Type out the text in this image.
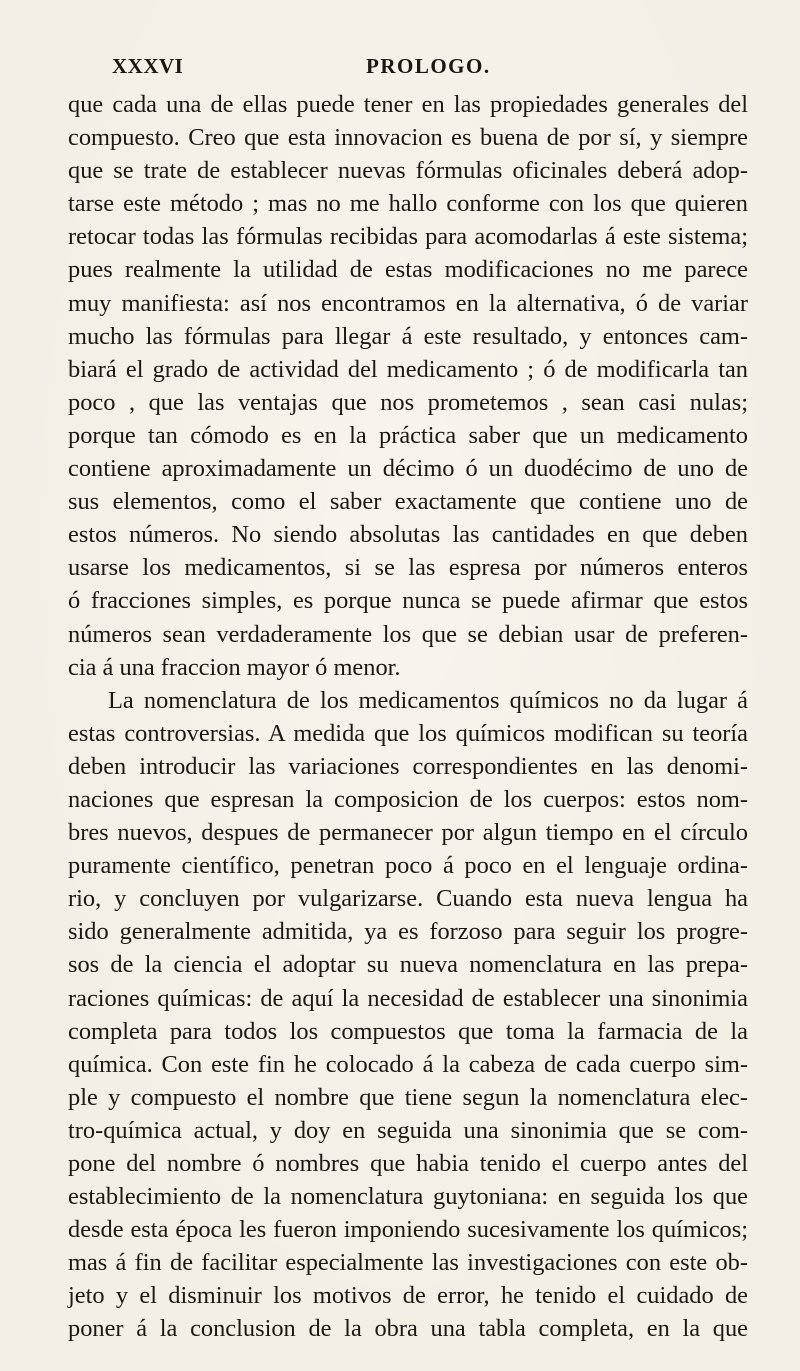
XXXVI	PROLOGO.
que cada una de ellas puede tener en las propiedades generales del
compuesto. Creo que esta innovacion es buena de por sí, y siempre
que se trate de establecer nuevas fórmulas oficinales deberá adop-
tarse este método ; mas no me hallo conforme con los que quieren
retocar todas las fórmulas recibidas para acomodarlas á este sistema;
pues realmente la utilidad de estas modificaciones no me parece
muy manifiesta: así nos encontramos en la alternativa, ó de variar
mucho las fórmulas para llegar á este resultado, y entonces cam-
biará el grado de actividad del medicamento ; ó de modificarla tan
poco , que las ventajas que nos prometemos , sean casi nulas;
porque tan cómodo es en la práctica saber que un medicamento
contiene aproximadamente un décimo ó un duodécimo de uno de
sus elementos, como el saber exactamente que contiene uno de
estos números. No siendo absolutas las cantidades en que deben
usarse los medicamentos, si se las espresa por números enteros
ó fracciones simples, es porque nunca se puede afirmar que estos
números sean verdaderamente los que se debian usar de preferen-
cia á una fraccion mayor ó menor.
La nomenclatura de los medicamentos químicos no da lugar á
estas controversias. A medida que los químicos modifican su teoría
deben introducir las variaciones correspondientes en las denomi-
naciones que espresan la composicion de los cuerpos: estos nom-
bres nuevos, despues de permanecer por algun tiempo en el círculo
puramente científico, penetran poco á poco en el lenguaje ordina-
rio, y concluyen por vulgarizarse. Cuando esta nueva lengua ha
sido generalmente admitida, ya es forzoso para seguir los progre-
sos de la ciencia el adoptar su nueva nomenclatura en las prepa-
raciones químicas: de aquí la necesidad de establecer una sinonimia
completa para todos los compuestos que toma la farmacia de la
química. Con este fin he colocado á la cabeza de cada cuerpo sim-
ple y compuesto el nombre que tiene segun la nomenclatura elec-
tro-química actual, y doy en seguida una sinonimia que se com-
pone del nombre ó nombres que habia tenido el cuerpo antes del
establecimiento de la nomenclatura guytoniana: en seguida los que
desde esta época les fueron imponiendo sucesivamente los químicos;
mas á fin de facilitar especialmente las investigaciones con este ob-
jeto y el disminuir los motivos de error, he tenido el cuidado de
poner á la conclusion de la obra una tabla completa, en la que
